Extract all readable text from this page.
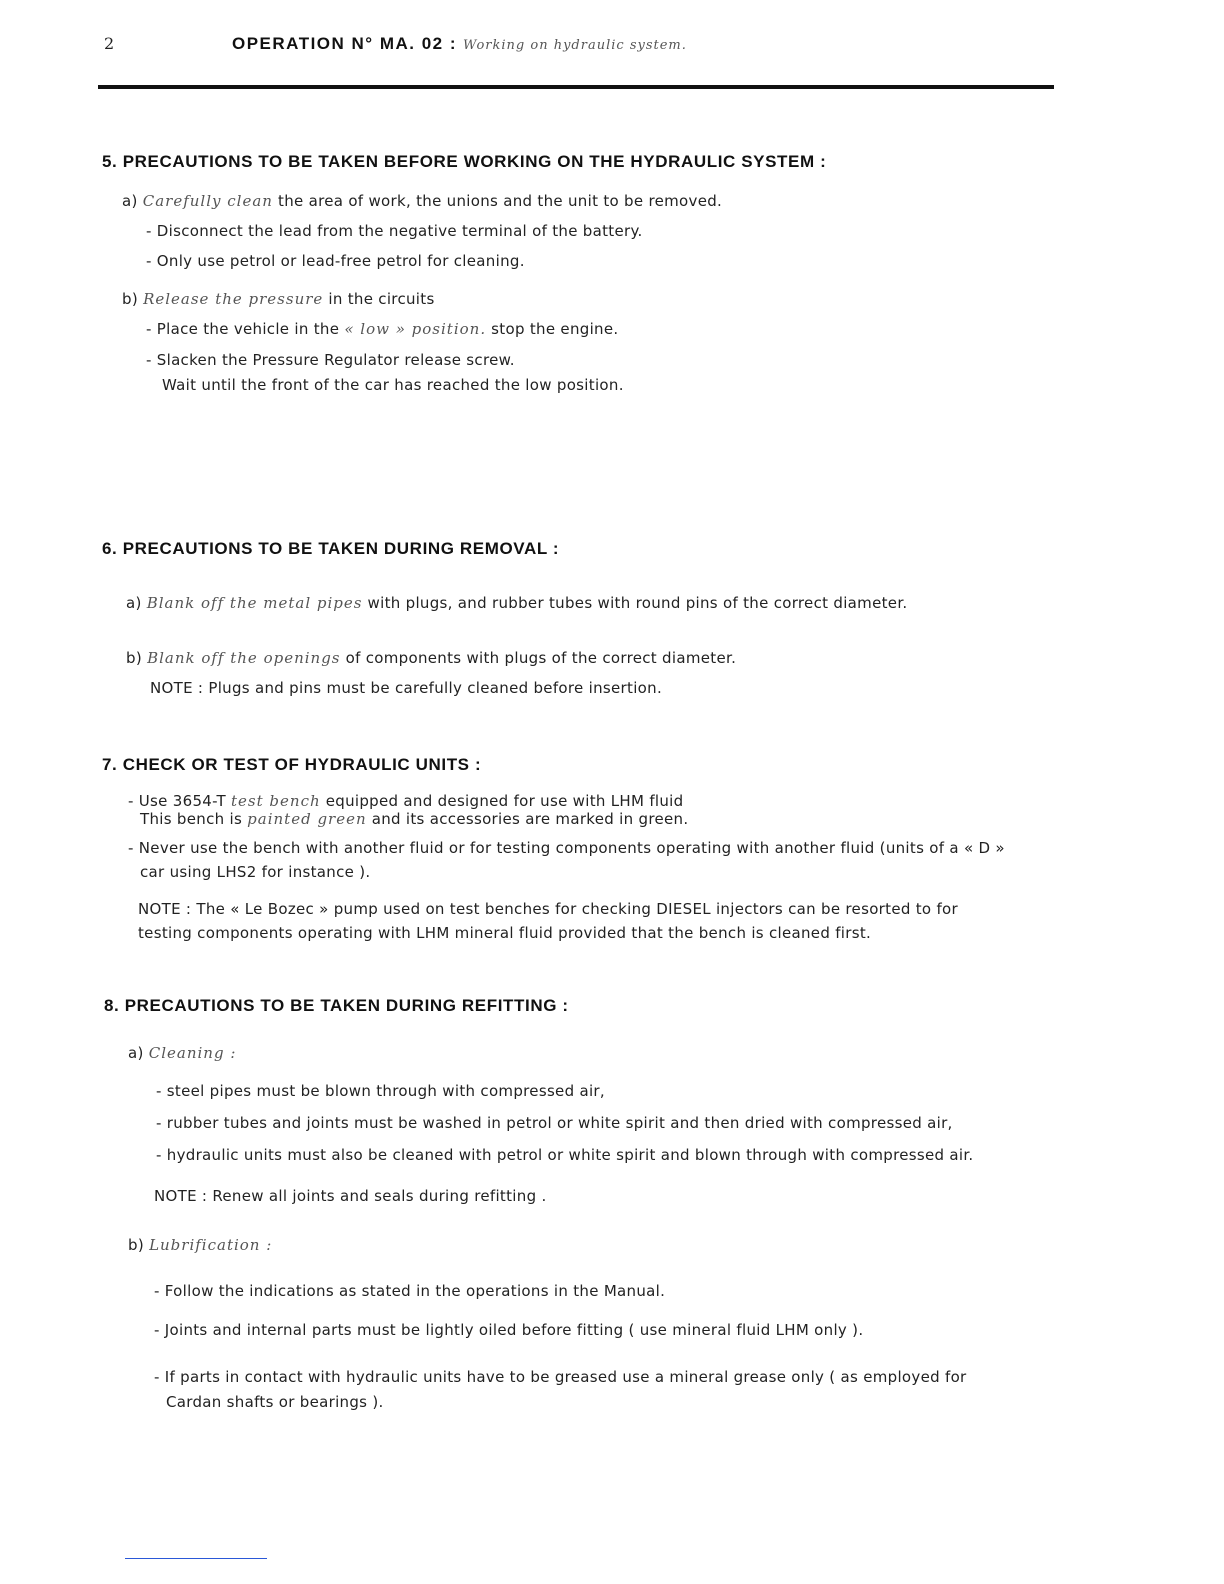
2	OPERATION N° MA. 02 : Working on hydraulic system.
5. PRECAUTIONS TO BE TAKEN BEFORE WORKING ON THE HYDRAULIC SYSTEM :
a) Carefully clean the area of work, the unions and the unit to be removed.
- Disconnect the lead from the negative terminal of the battery.
- Only use petrol or lead-free petrol for cleaning.
b) Release the pressure in the circuits
- Place the vehicle in the « low » position. stop the engine.
- Slacken the Pressure Regulator release screw.
Wait until the front of the car has reached the low position.
6. PRECAUTIONS TO BE TAKEN DURING REMOVAL :
a) Blank off the metal pipes with plugs, and rubber tubes with round pins of the correct diameter.
b) Blank off the openings of components with plugs of the correct diameter.
NOTE : Plugs and pins must be carefully cleaned before insertion.
7. CHECK OR TEST OF HYDRAULIC UNITS :
- Use 3654-T test bench equipped and designed for use with LHM fluid
This bench is painted green and its accessories are marked in green.
- Never use the bench with another fluid or for testing components operating with another fluid (units of a « D »
car using LHS2 for instance ).
NOTE : The « Le Bozec » pump used on test benches for checking DIESEL injectors can be resorted to for
testing components operating with LHM mineral fluid provided that the bench is cleaned first.
8. PRECAUTIONS TO BE TAKEN DURING REFITTING :
a) Cleaning :
- steel pipes must be blown through with compressed air,
- rubber tubes and joints must be washed in petrol or white spirit and then dried with compressed air,
- hydraulic units must also be cleaned with petrol or white spirit and blown through with compressed air.
NOTE : Renew all joints and seals during refitting .
b) Lubrification :
- Follow the indications as stated in the operations in the Manual.
- Joints and internal parts must be lightly oiled before fitting ( use mineral fluid LHM only ).
- If parts in contact with hydraulic units have to be greased use a mineral grease only ( as employed for
Cardan shafts or bearings ).
